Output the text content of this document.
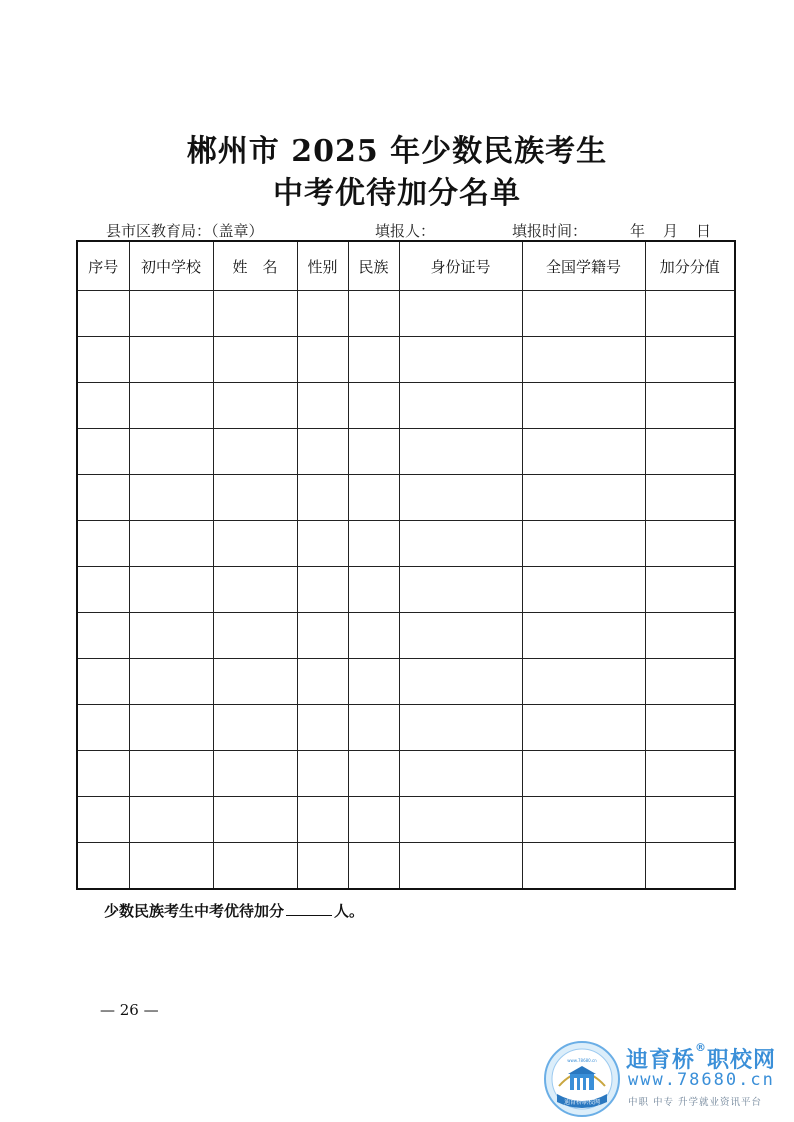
郴州市 2025 年少数民族考生
中考优待加分名单
县市区教育局：（盖章）	填报人：	填报时间：	年 月 日
序号	初中学校	姓　名	性别	民族	身份证号	全国学籍号	加分分值

少数民族考生中考优待加分	人。
— 26 —
迪育桥职校网
www.78680.cn 迪育桥®职校网
www.78680.cn
中职 中专 升学就业资讯平台
